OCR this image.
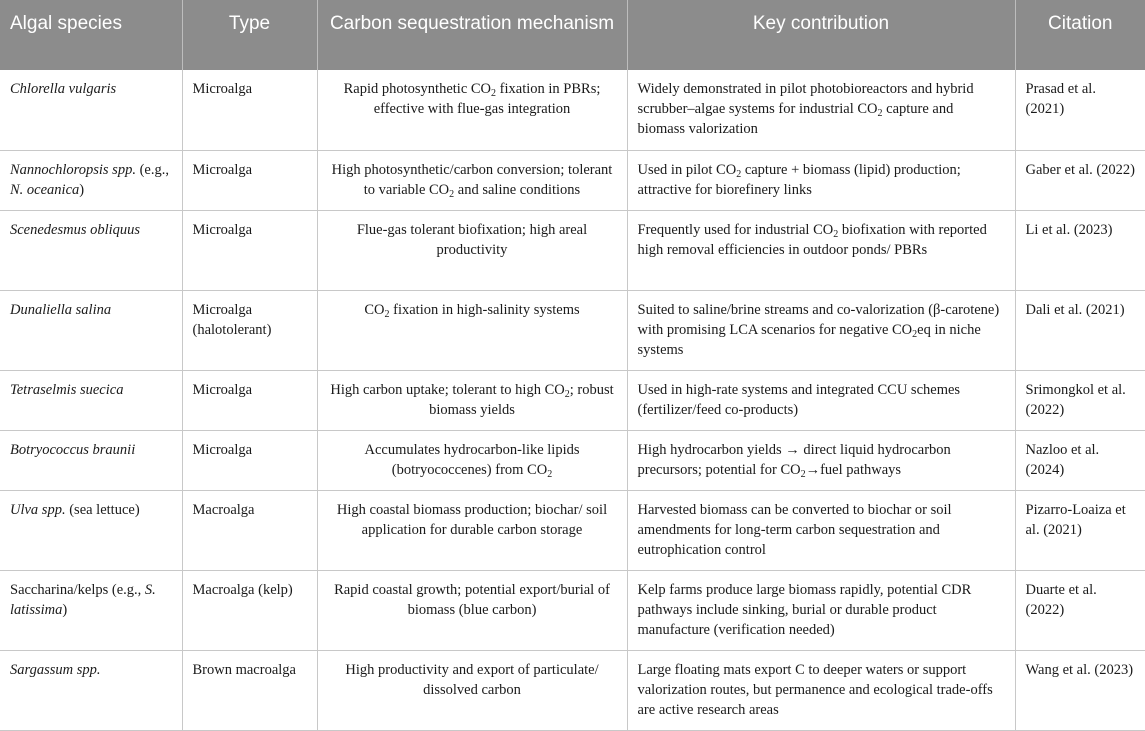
Algal species	Type	Carbon sequestration mechanism	Key contribution	Citation
Chlorella vulgaris	Microalga	Rapid photosynthetic $CO_2$ fixation in PBRs; effective with flue-gas integration	Widely demonstrated in pilot photobioreactors and hybrid scrubber–algae systems for industrial $CO_2$ capture and biomass valorization	Prasad et al. (2021)
Nannochloropsis spp. (e.g., N. oceanica)	Microalga	High photosynthetic/carbon conversion; tolerant to variable $CO_2$ and saline conditions	Used in pilot $CO_2$ capture + biomass (lipid) production; attractive for biorefinery links	Gaber et al. (2022)
Scenedesmus obliquus	Microalga	Flue-gas tolerant biofixation; high areal productivity	Frequently used for industrial $CO_2$ biofixation with reported high removal efficiencies in outdoor ponds/ PBRs	Li et al. (2023)
Dunaliella salina	Microalga (halotolerant)	$CO_2$ fixation in high-salinity systems	Suited to saline/brine streams and co-valorization (β-carotene) with promising LCA scenarios for negative $CO_2eq$ in niche systems	Dali et al. (2021)
Tetraselmis suecica	Microalga	High carbon uptake; tolerant to high $CO_2$; robust biomass yields	Used in high-rate systems and integrated CCU schemes (fertilizer/feed co-products)	Srimongkol et al. (2022)
Botryococcus braunii	Microalga	Accumulates hydrocarbon-like lipids (botryococcenes) from $CO_2$	High hydrocarbon yields → direct liquid hydrocarbon precursors; potential for $CO_2\to fuel$ pathways	Nazloo et al. (2024)
Ulva spp. (sea lettuce)	Macroalga	High coastal biomass production; biochar/ soil application for durable carbon storage	Harvested biomass can be converted to biochar or soil amendments for long-term carbon sequestration and eutrophication control	Pizarro-Loaiza et al. (2021)
Saccharina/kelps (e.g., S. latissima)	Macroalga (kelp)	Rapid coastal growth; potential export/burial of biomass (blue carbon)	Kelp farms produce large biomass rapidly, potential CDR pathways include sinking, burial or durable product manufacture (verification needed)	Duarte et al. (2022)
Sargassum spp.	Brown macroalga	High productivity and export of particulate/ dissolved carbon	Large floating mats export C to deeper waters or support valorization routes, but permanence and ecological trade-offs are active research areas	Wang et al. (2023)
